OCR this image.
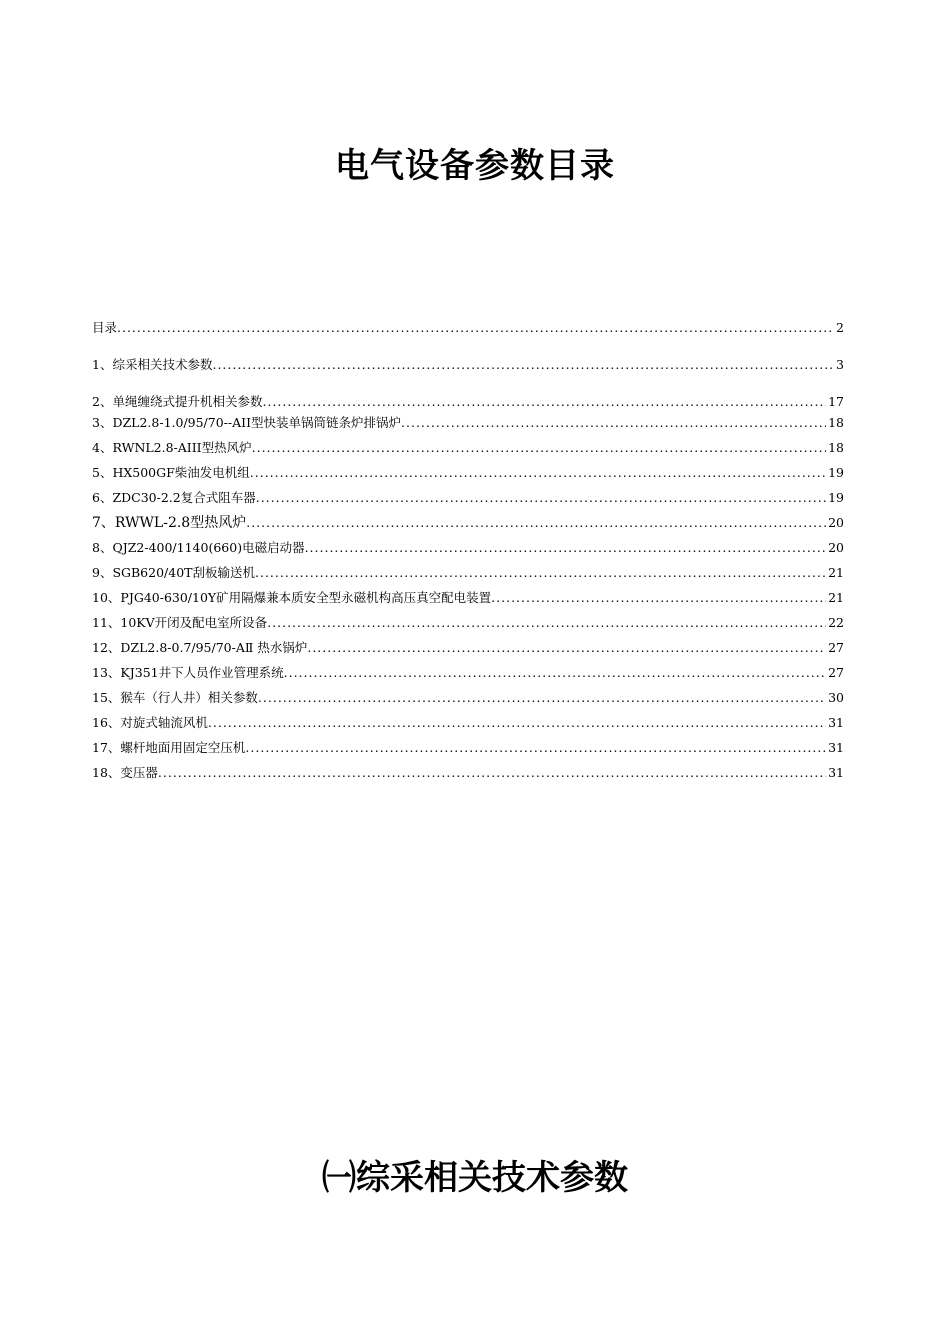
电气设备参数目录
目录 .....	2
1、综采相关技术参数 .....	3
2、单绳缠绕式提升机相关参数 .....	17
3、DZL2.8-1.0/95/70--AII型快装单锅筒链条炉排锅炉 .....	18
4、RWNL2.8-AIII型热风炉 .....	18
5、HX500GF柴油发电机组 .....	19
6、ZDC30-2.2复合式阻车器 .....	19
7、RWWL-2.8型热风炉 .....	20
8、QJZ2-400/1140(660)电磁启动器 .....	20
9、SGB620/40T刮板输送机 .....	21
10、PJG40-630/10Y矿用隔爆兼本质安全型永磁机构高压真空配电装置 .....	21
11、10KV开闭及配电室所设备 .....	22
12、DZL2.8-0.7/95/70-AⅡ 热水锅炉 .....	27
13、KJ351井下人员作业管理系统 .....	27
15、猴车（行人井）相关参数 .....	30
16、对旋式轴流风机 .....	31
17、螺杆地面用固定空压机 .....	31
18、变压器 .....	31
㈠综采相关技术参数
